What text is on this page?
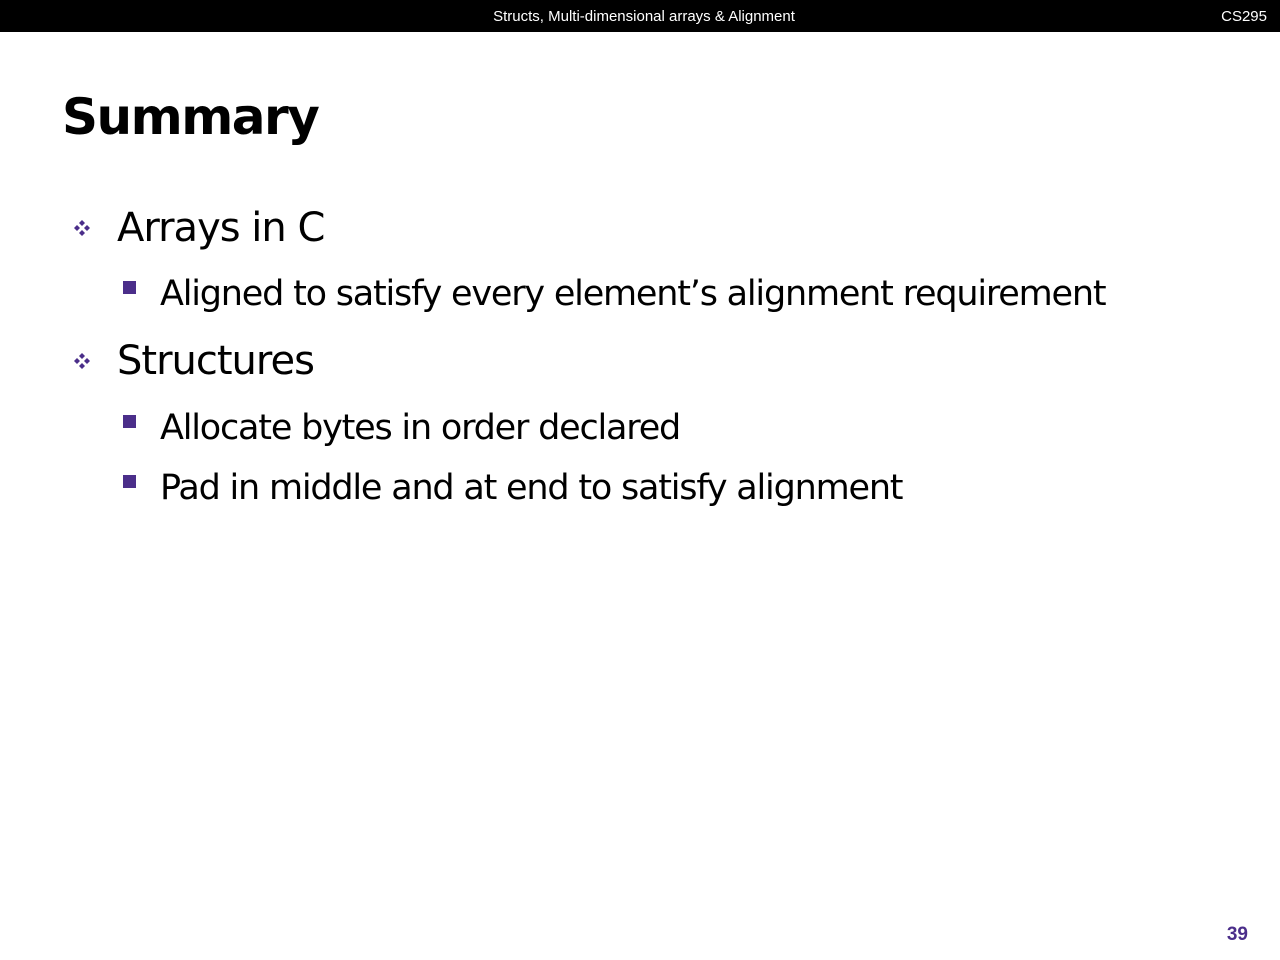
Structs, Multi-dimensional arrays & Alignment	CS295
Summary
Arrays in C
Aligned to satisfy every element’s alignment requirement
Structures
Allocate bytes in order declared
Pad in middle and at end to satisfy alignment
39
